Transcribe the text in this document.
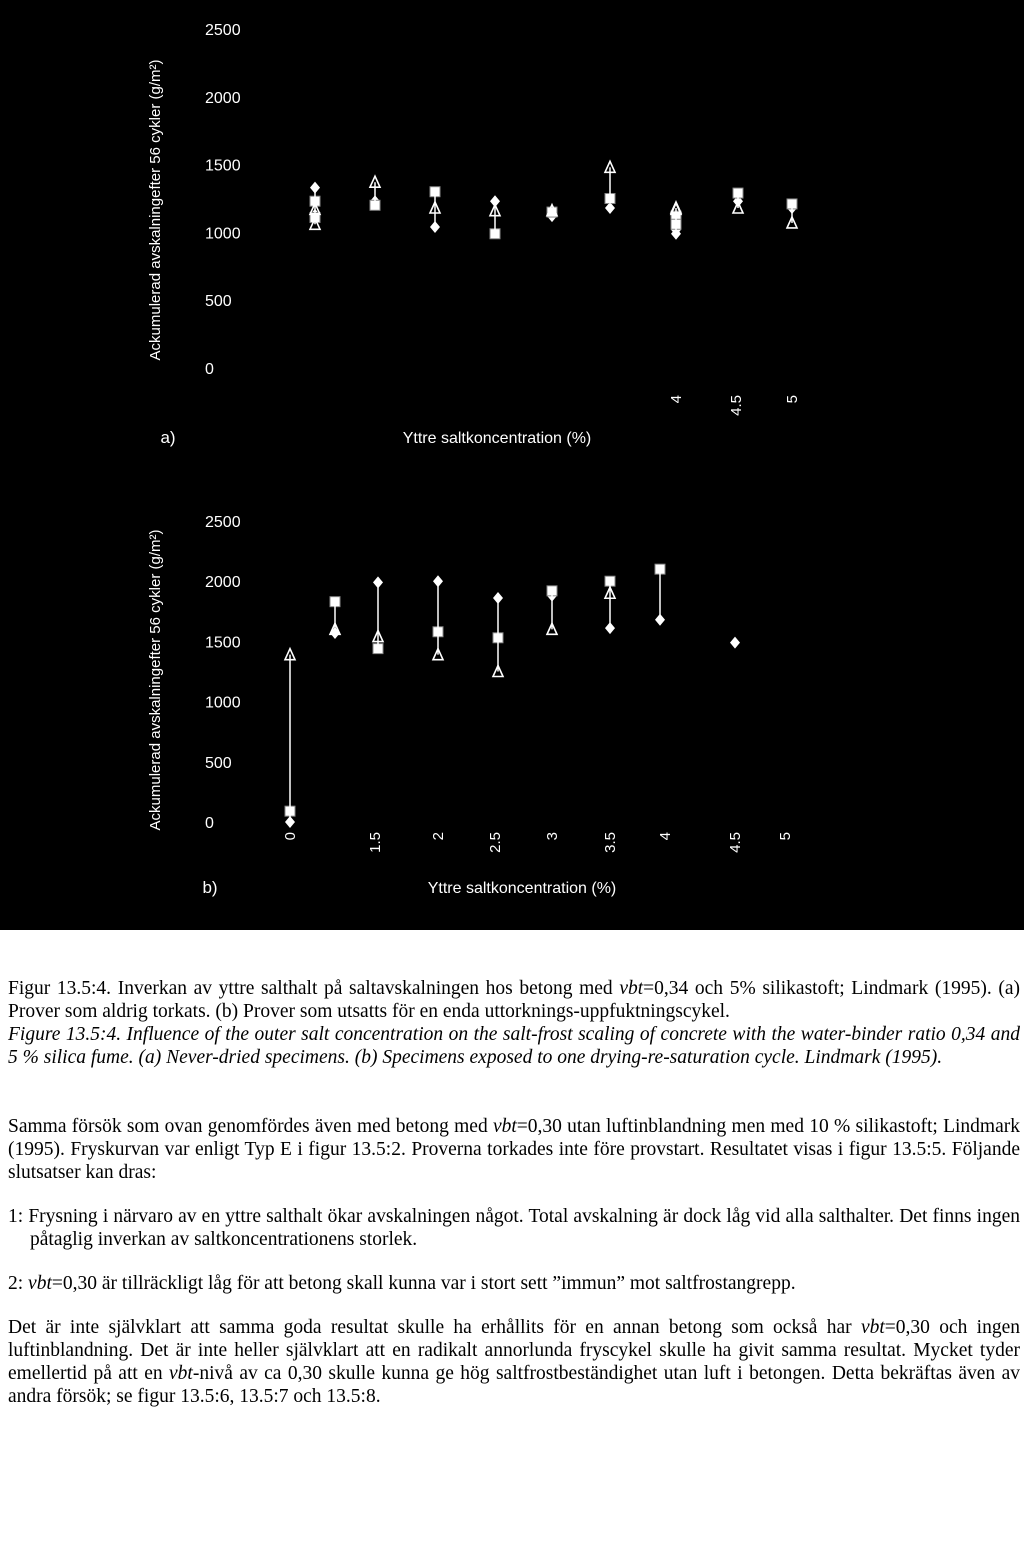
0
500
1000
1500
2000
2500
Ackumulerad avskalningefter 56 cykler (g/m²)
4	4.5	5
Yttre saltkoncentration (%)
a)
0
500
1000
1500
2000
2500
Ackumulerad avskalningefter 56 cykler (g/m²)
0	1.5	2	2.5	3	3.5	4	4.5 5
Yttre saltkoncentration (%)
b)

Figur 13.5:4. Inverkan av yttre salthalt på saltavskalningen hos betong med vbt=0,34 och 5% silikastoft; Lindmark (1995). (a) Prover som aldrig torkats. (b) Prover som utsatts för en enda uttorknings-uppfuktningscykel.

Figure 13.5:4. Influence of the outer salt concentration on the salt-frost scaling of concrete with the water-binder ratio 0,34 and 5 % silica fume. (a) Never-dried specimens. (b) Specimens exposed to one drying-re-saturation cycle. Lindmark (1995).

Samma försök som ovan genomfördes även med betong med vbt=0,30 utan luftinblandning men med 10 % silikastoft; Lindmark (1995). Fryskurvan var enligt Typ E i figur 13.5:2. Proverna torkades inte före provstart. Resultatet visas i figur 13.5:5. Följande slutsatser kan dras:

1: Frysning i närvaro av en yttre salthalt ökar avskalningen något. Total avskalning är dock låg vid alla salthalter. Det finns ingen påtaglig inverkan av saltkoncentrationens storlek.

2: vbt=0,30 är tillräckligt låg för att betong skall kunna var i stort sett ”immun” mot saltfrostangrepp.

Det är inte självklart att samma goda resultat skulle ha erhållits för en annan betong som också har vbt=0,30 och ingen luftinblandning. Det är inte heller självklart att en radikalt annorlunda fryscykel skulle ha givit samma resultat. Mycket tyder emellertid på att en vbt-nivå av ca 0,30 skulle kunna ge hög saltfrostbeständighet utan luft i betongen. Detta bekräftas även av andra försök; se figur 13.5:6, 13.5:7 och 13.5:8.
